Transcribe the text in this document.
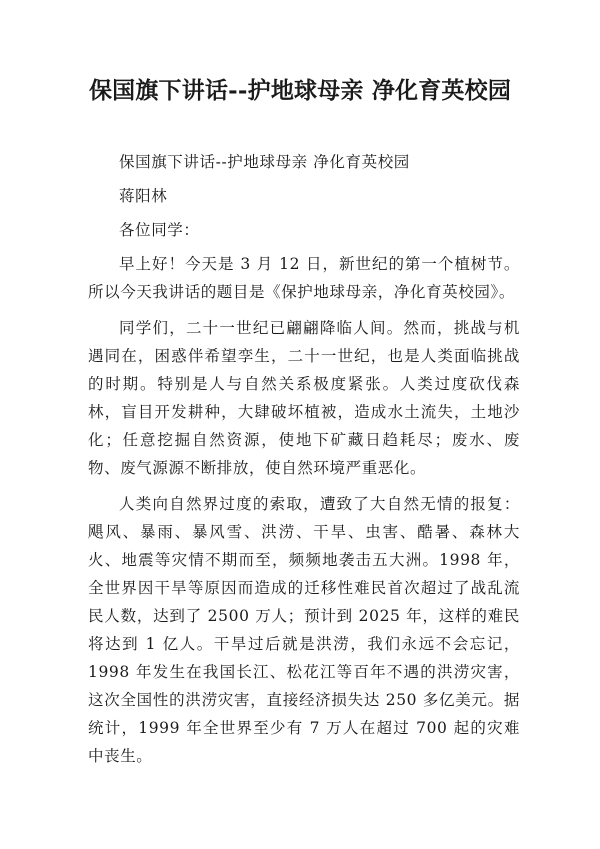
保国旗下讲话--护地球母亲 净化育英校园

保国旗下讲话--护地球母亲 净化育英校园

蒋阳林

各位同学：

早上好！今天是 3 月 12 日，新世纪的第一个植树节。所以今天我讲话的题目是《保护地球母亲，净化育英校园》。

同学们，二十一世纪已翩翩降临人间。然而，挑战与机遇同在，困惑伴希望孪生，二十一世纪，也是人类面临挑战的时期。特别是人与自然关系极度紧张。人类过度砍伐森林，盲目开发耕种，大肆破坏植被，造成水土流失，土地沙化；任意挖掘自然资源，使地下矿藏日趋耗尽；废水、废物、废气源源不断排放，使自然环境严重恶化。

人类向自然界过度的索取，遭致了大自然无情的报复：飓风、暴雨、暴风雪、洪涝、干旱、虫害、酷暑、森林大火、地震等灾情不期而至，频频地袭击五大洲。1998 年，全世界因干旱等原因而造成的迁移性难民首次超过了战乱流民人数，达到了 2500 万人；预计到 2025 年，这样的难民将达到 1 亿人。干旱过后就是洪涝，我们永远不会忘记，1998 年发生在我国长江、松花江等百年不遇的洪涝灾害，这次全国性的洪涝灾害，直接经济损失达 250 多亿美元。据统计，1999 年全世界至少有 7 万人在超过 700 起的灾难中丧生。
